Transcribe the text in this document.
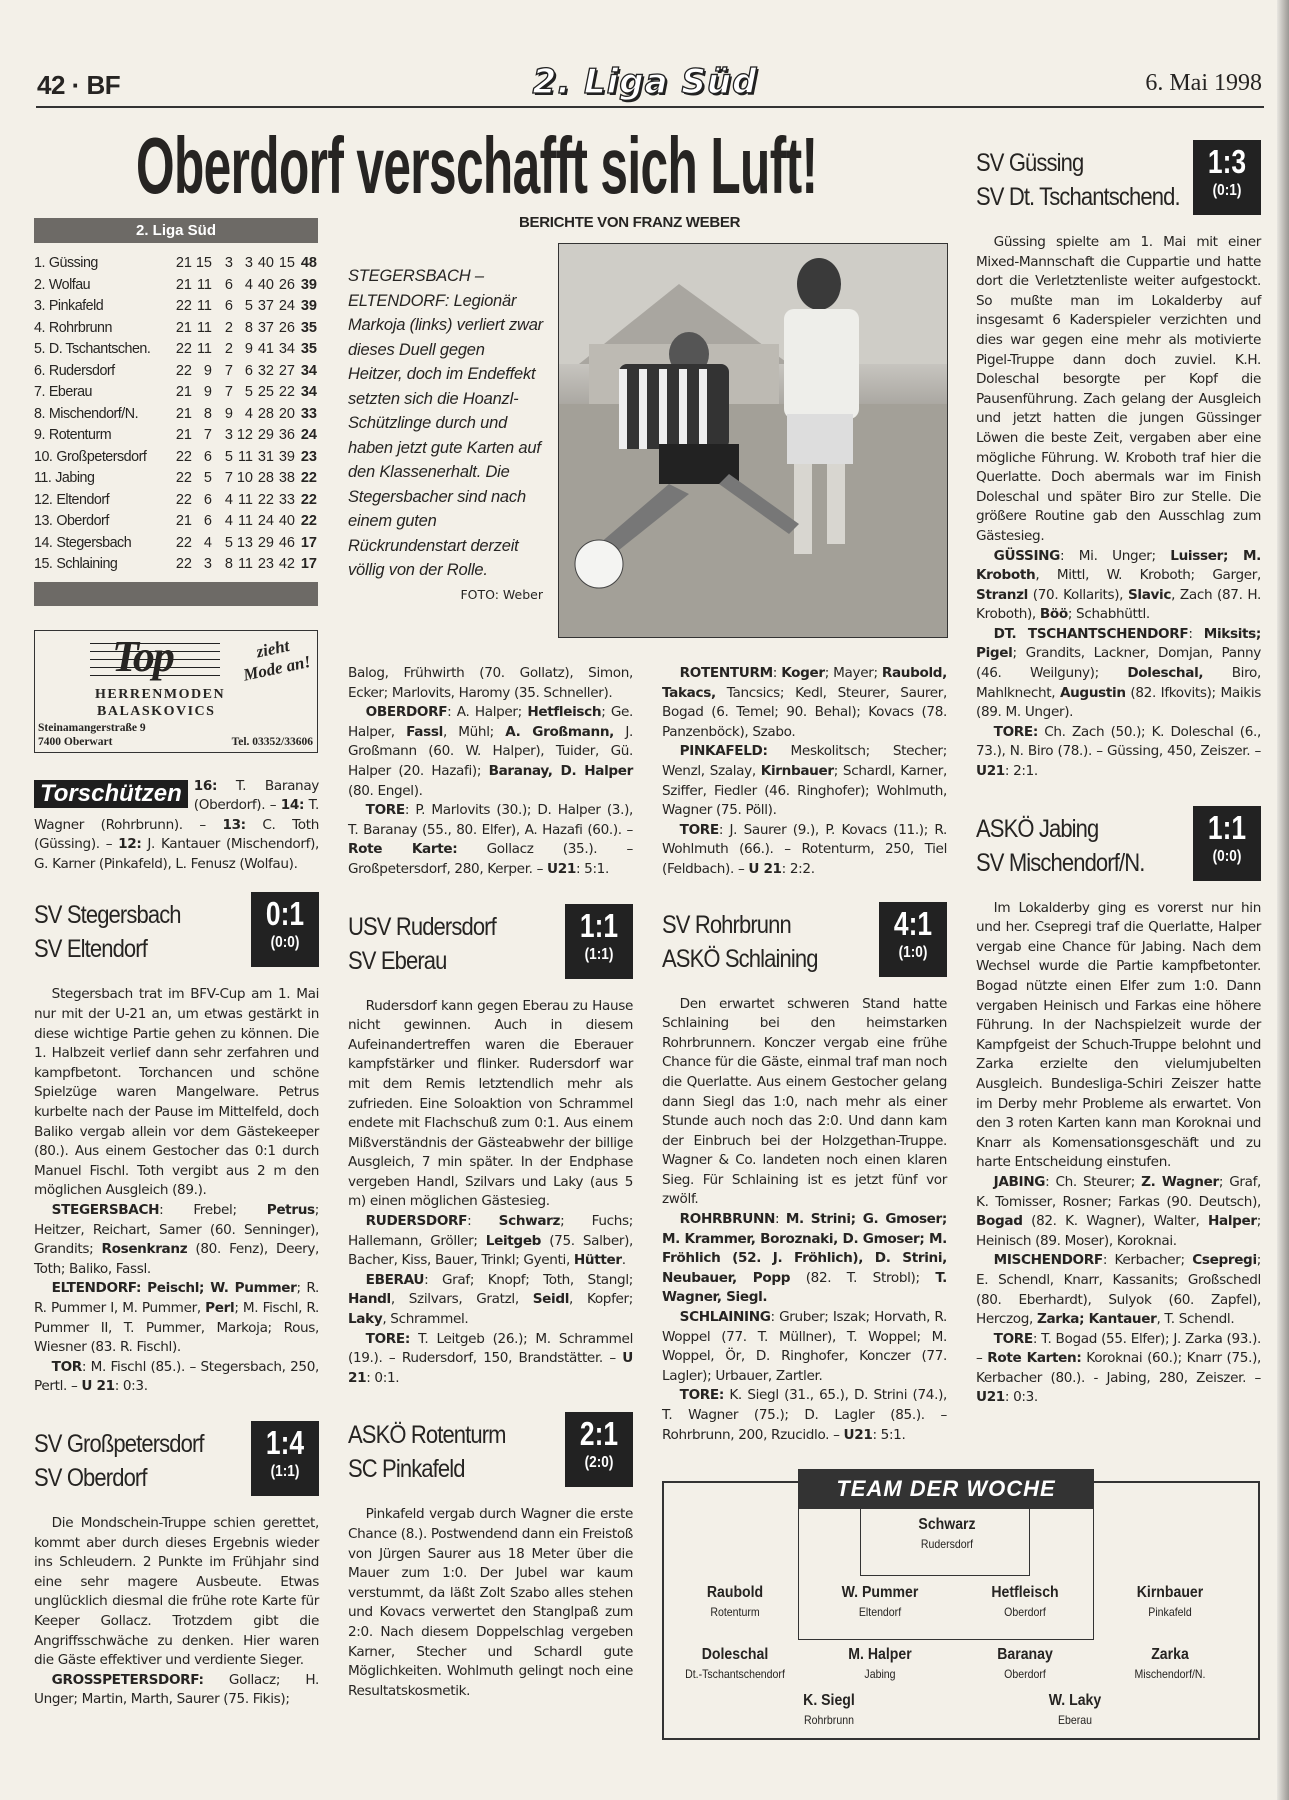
42 · BF	2. Liga Süd	6. Mai 1998
Oberdorf verschafft sich Luft!
BERICHTE VON FRANZ WEBER
2. Liga Süd
1. Güssing	21 15 3 3 40 15 48
2. Wolfau	21 11 6 4 40 26 39
3. Pinkafeld	22 11 6 5 37 24 39
4. Rohrbrunn	21 11 2 8 37 26 35
5. D. Tschantschen.	22 11 2 9 41 34 35
6. Rudersdorf	22 9 7 6 32 27 34
7. Eberau	21 9 7 5 25 22 34
8. Mischendorf/N.	21 8 9 4 28 20 33
9. Rotenturm	21 7 3 12 29 36 24
10. Großpetersdorf	22 6 5 11 31 39 23
11. Jabing	22 5 7 10 28 38 22
12. Eltendorf	22 6 4 11 22 33 22
13. Oberdorf	21 6 4 11 24 40 22
14. Stegersbach	22 4 5 13 29 46 17
15. Schlaining	22 3 8 11 23 42 17
Top
HERRENMODEN
BALASKOVICS
zieht Mode an!
Steinamangerstraße 9
7400 Oberwart	Tel. 03352/33606
Torschützen 16: T. Baranay (Oberdorf). – 14: T. Wagner (Rohrbrunn). – 13: C. Toth (Güssing). – 12: J. Kantauer (Mischendorf), G. Karner (Pinkafeld), L. Fenusz (Wolfau).

SV Stegersbach
SV Eltendorf
0:1
(0:0)

Stegersbach trat im BFV-Cup am 1. Mai nur mit der U-21 an, um etwas gestärkt in diese wichtige Partie gehen zu können. Die 1. Halbzeit verlief dann sehr zerfahren und kampfbetont. Torchancen und schöne Spielzüge waren Mangelware. Petrus kurbelte nach der Pause im Mittelfeld, doch Baliko vergab allein vor dem Gästekeeper (80.). Aus einem Gestocher das 0:1 durch Manuel Fischl. Toth vergibt aus 2 m den möglichen Ausgleich (89.).

STEGERSBACH: Frebel; Petrus; Heitzer, Reichart, Samer (60. Senninger), Grandits; Rosenkranz (80. Fenz), Deery, Toth; Baliko, Fassl.

ELTENDORF: Peischl; W. Pummer; R. R. Pummer I, M. Pummer, Perl; M. Fischl, R. Pummer II, T. Pummer, Markoja; Rous, Wiesner (83. R. Fischl).

TOR: M. Fischl (85.). – Stegersbach, 250, Pertl. – U 21: 0:3.

SV Großpetersdorf
SV Oberdorf
1:4
(1:1)

Die Mondschein-Truppe schien gerettet, kommt aber durch dieses Ergebnis wieder ins Schleudern. 2 Punkte im Frühjahr sind eine sehr magere Ausbeute. Etwas unglücklich diesmal die frühe rote Karte für Keeper Gollacz. Trotzdem gibt die Angriffsschwäche zu denken. Hier waren die Gäste effektiver und verdiente Sieger.

GROSSPETERSDORF: Gollacz; H. Unger; Martin, Marth, Saurer (75. Fikis);

STEGERSBACH – ELTENDORF: Legionär Markoja (links) verliert zwar dieses Duell gegen Heitzer, doch im Endeffekt setzten sich die Hoanzl-Schützlinge durch und haben jetzt gute Karten auf den Klassenerhalt. Die Stegersbacher sind nach einem guten Rückrundenstart derzeit völlig von der Rolle.
FOTO: Weber

Balog, Frühwirth (70. Gollatz), Simon, Ecker; Marlovits, Haromy (35. Schneller).

OBERDORF: A. Halper; Hetfleisch; Ge. Halper, Fassl, Mühl; A. Großmann, J. Großmann (60. W. Halper), Tuider, Gü. Halper (20. Hazafi); Baranay, D. Halper (80. Engel).

TORE: P. Marlovits (30.); D. Halper (3.), T. Baranay (55., 80. Elfer), A. Hazafi (60.). – Rote Karte: Gollacz (35.). – Großpetersdorf, 280, Kerper. – U21: 5:1.

USV Rudersdorf
SV Eberau
1:1
(1:1)

Rudersdorf kann gegen Eberau zu Hause nicht gewinnen. Auch in diesem Aufeinandertreffen waren die Eberauer kampfstärker und flinker. Rudersdorf war mit dem Remis letztendlich mehr als zufrieden. Eine Soloaktion von Schrammel endete mit Flachschuß zum 0:1. Aus einem Mißverständnis der Gästeabwehr der billige Ausgleich, 7 min später. In der Endphase vergeben Handl, Szilvars und Laky (aus 5 m) einen möglichen Gästesieg.

RUDERSDORF: Schwarz; Fuchs; Hallemann, Gröller; Leitgeb (75. Salber), Bacher, Kiss, Bauer, Trinkl; Gyenti, Hütter.

EBERAU: Graf; Knopf; Toth, Stangl; Handl, Szilvars, Gratzl, Seidl, Kopfer; Laky, Schrammel.

TORE: T. Leitgeb (26.); M. Schrammel (19.). – Rudersdorf, 150, Brandstätter. – U 21: 0:1.

ASKÖ Rotenturm
SC Pinkafeld
2:1
(2:0)

Pinkafeld vergab durch Wagner die erste Chance (8.). Postwendend dann ein Freistoß von Jürgen Saurer aus 18 Meter über die Mauer zum 1:0. Der Jubel war kaum verstummt, da läßt Zolt Szabo alles stehen und Kovacs verwertet den Stanglpaß zum 2:0. Nach diesem Doppelschlag vergeben Karner, Stecher und Schardl gute Möglichkeiten. Wohlmuth gelingt noch eine Resultatskosmetik.

ROTENTURM: Koger; Mayer; Raubold, Takacs, Tancsics; Kedl, Steurer, Saurer, Bogad (6. Temel; 90. Behal); Kovacs (78. Panzenböck), Szabo.

PINKAFELD: Meskolitsch; Stecher; Wenzl, Szalay, Kirnbauer; Schardl, Karner, Sziffer, Fiedler (46. Ringhofer); Wohlmuth, Wagner (75. Pöll).

TORE: J. Saurer (9.), P. Kovacs (11.); R. Wohlmuth (66.). – Rotenturm, 250, Tiel (Feldbach). – U 21: 2:2.

SV Rohrbrunn
ASKÖ Schlaining
4:1
(1:0)

Den erwartet schweren Stand hatte Schlaining bei den heimstarken Rohrbrunnern. Konczer vergab eine frühe Chance für die Gäste, einmal traf man noch die Querlatte. Aus einem Gestocher gelang dann Siegl das 1:0, nach mehr als einer Stunde auch noch das 2:0. Und dann kam der Einbruch bei der Holzgethan-Truppe. Wagner & Co. landeten noch einen klaren Sieg. Für Schlaining ist es jetzt fünf vor zwölf.

ROHRBRUNN: M. Strini; G. Gmoser; M. Krammer, Boroznaki, D. Gmoser; M. Fröhlich (52. J. Fröhlich), D. Strini, Neubauer, Popp (82. T. Strobl); T. Wagner, Siegl.

SCHLAINING: Gruber; Iszak; Horvath, R. Woppel (77. T. Müllner), T. Woppel; M. Woppel, Ör, D. Ringhofer, Konczer (77. Lagler); Urbauer, Zartler.

TORE: K. Siegl (31., 65.), D. Strini (74.), T. Wagner (75.); D. Lagler (85.). – Rohrbrunn, 200, Rzucidlo. – U21: 5:1.

TEAM DER WOCHE
Schwarz
Rudersdorf
Raubold
Rotenturm
W. Pummer
Eltendorf
Hetfleisch
Oberdorf
Kirnbauer
Pinkafeld
Doleschal
Dt.-Tschantschendorf
M. Halper
Jabing
Baranay
Oberdorf
Zarka
Mischendorf/N.
K. Siegl
Rohrbrunn
W. Laky
Eberau
SV Güssing
SV Dt. Tschantschend.
1:3
(0:1)

Güssing spielte am 1. Mai mit einer Mixed-Mannschaft die Cuppartie und hatte dort die Verletztenliste weiter aufgestockt. So mußte man im Lokalderby auf insgesamt 6 Kaderspieler verzichten und dies war gegen eine mehr als motivierte Pigel-Truppe dann doch zuviel. K.H. Doleschal besorgte per Kopf die Pausenführung. Zach gelang der Ausgleich und jetzt hatten die jungen Güssinger Löwen die beste Zeit, vergaben aber eine mögliche Führung. W. Kroboth traf hier die Querlatte. Doch abermals war im Finish Doleschal und später Biro zur Stelle. Die größere Routine gab den Ausschlag zum Gästesieg.

GÜSSING: Mi. Unger; Luisser; M. Kroboth, Mittl, W. Kroboth; Garger, Stranzl (70. Kollarits), Slavic, Zach (87. H. Kroboth), Böö; Schabhüttl.

DT. TSCHANTSCHENDORF: Miksits; Pigel; Grandits, Lackner, Domjan, Panny (46. Weilguny); Doleschal, Biro, Mahlknecht, Augustin (82. Ifkovits); Maikis (89. M. Unger).

TORE: Ch. Zach (50.); K. Doleschal (6., 73.), N. Biro (78.). – Güssing, 450, Zeiszer. – U21: 2:1.

ASKÖ Jabing
SV Mischendorf/N.
1:1
(0:0)

Im Lokalderby ging es vorerst nur hin und her. Csepregi traf die Querlatte, Halper vergab eine Chance für Jabing. Nach dem Wechsel wurde die Partie kampfbetonter. Bogad nützte einen Elfer zum 1:0. Dann vergaben Heinisch und Farkas eine höhere Führung. In der Nachspielzeit wurde der Kampfgeist der Schuch-Truppe belohnt und Zarka erzielte den vielumjubelten Ausgleich. Bundesliga-Schiri Zeiszer hatte im Derby mehr Probleme als erwartet. Von den 3 roten Karten kann man Koroknai und Knarr als Komensationsgeschäft und zu harte Entscheidung einstufen.

JABING: Ch. Steurer; Z. Wagner; Graf, K. Tomisser, Rosner; Farkas (90. Deutsch), Bogad (82. K. Wagner), Walter, Halper; Heinisch (89. Moser), Koroknai.

MISCHENDORF: Kerbacher; Csepregi; E. Schendl, Knarr, Kassanits; Großschedl (80. Eberhardt), Sulyok (60. Zapfel), Herczog, Zarka; Kantauer, T. Schendl.

TORE: T. Bogad (55. Elfer); J. Zarka (93.). – Rote Karten: Koroknai (60.); Knarr (75.), Kerbacher (80.). - Jabing, 280, Zeiszer. – U21: 0:3.
